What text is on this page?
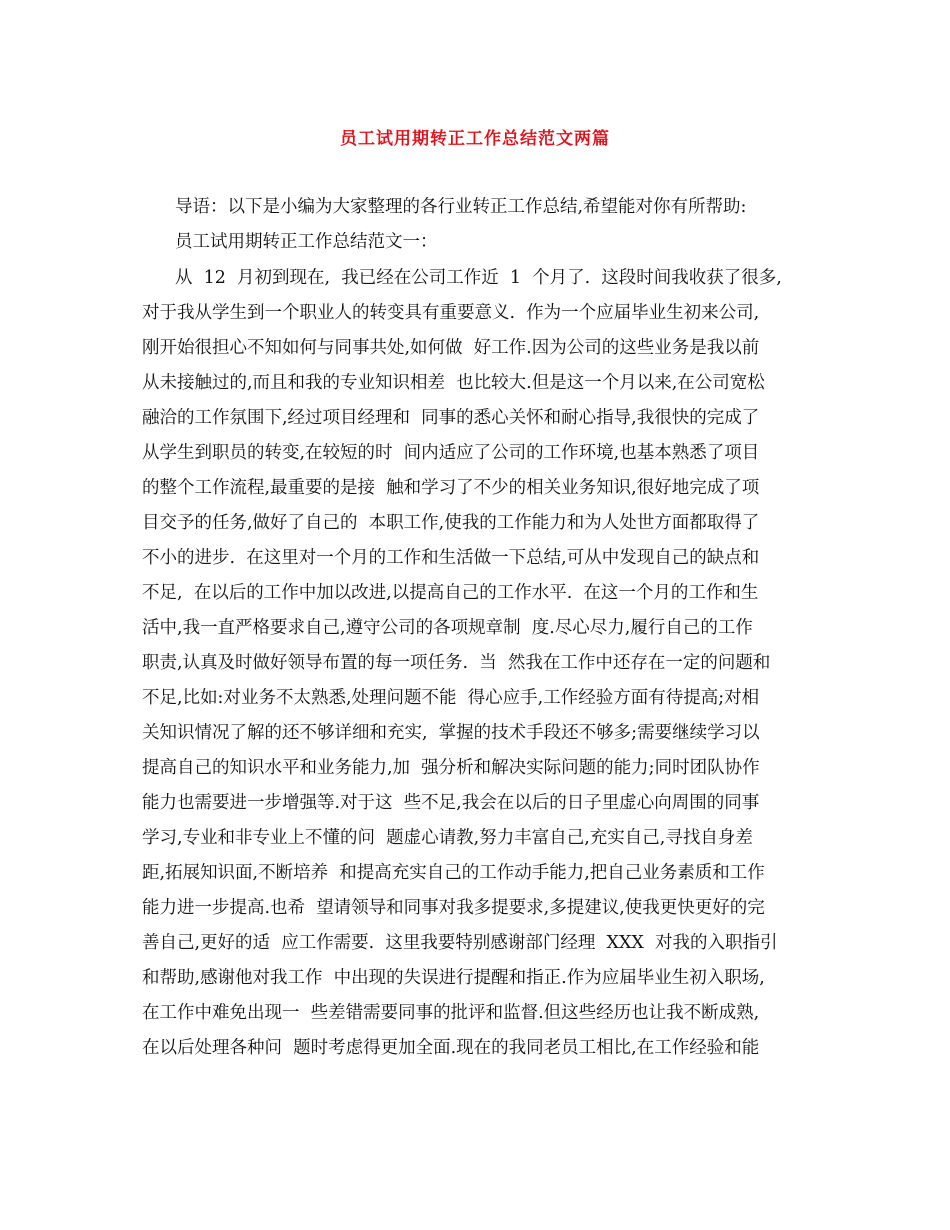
员工试用期转正工作总结范文两篇
导语：以下是小编为大家整理的各行业转正工作总结,希望能对你有所帮助:
员工试用期转正工作总结范文一：
从  12  月初到现在,  我已经在公司工作近  1  个月了.  这段时间我收获了很多,
对于我从学生到一个职业人的转变具有重要意义.  作为一个应届毕业生初来公司,
刚开始很担心不知如何与同事共处,如何做  好工作.因为公司的这些业务是我以前
从未接触过的,而且和我的专业知识相差  也比较大.但是这一个月以来,在公司宽松
融洽的工作氛围下,经过项目经理和  同事的悉心关怀和耐心指导,我很快的完成了
从学生到职员的转变,在较短的时  间内适应了公司的工作环境,也基本熟悉了项目
的整个工作流程,最重要的是接  触和学习了不少的相关业务知识,很好地完成了项
目交予的任务,做好了自己的  本职工作,使我的工作能力和为人处世方面都取得了
不小的进步.  在这里对一个月的工作和生活做一下总结,可从中发现自己的缺点和
不足,  在以后的工作中加以改进,以提高自己的工作水平.  在这一个月的工作和生
活中,我一直严格要求自己,遵守公司的各项规章制  度.尽心尽力,履行自己的工作
职责,认真及时做好领导布置的每一项任务.  当  然我在工作中还存在一定的问题和
不足,比如:对业务不太熟悉,处理问题不能  得心应手,工作经验方面有待提高;对相
关知识情况了解的还不够详细和充实,  掌握的技术手段还不够多;需要继续学习以
提高自己的知识水平和业务能力,加  强分析和解决实际问题的能力;同时团队协作
能力也需要进一步增强等.对于这  些不足,我会在以后的日子里虚心向周围的同事
学习,专业和非专业上不懂的问  题虚心请教,努力丰富自己,充实自己,寻找自身差
距,拓展知识面,不断培养  和提高充实自己的工作动手能力,把自己业务素质和工作
能力进一步提高.也希  望请领导和同事对我多提要求,多提建议,使我更快更好的完
善自己,更好的适  应工作需要.  这里我要特别感谢部门经理  XXX  对我的入职指引
和帮助,感谢他对我工作  中出现的失误进行提醒和指正.作为应届毕业生初入职场,
在工作中难免出现一  些差错需要同事的批评和监督.但这些经历也让我不断成熟,
在以后处理各种问  题时考虑得更加全面.现在的我同老员工相比,在工作经验和能
